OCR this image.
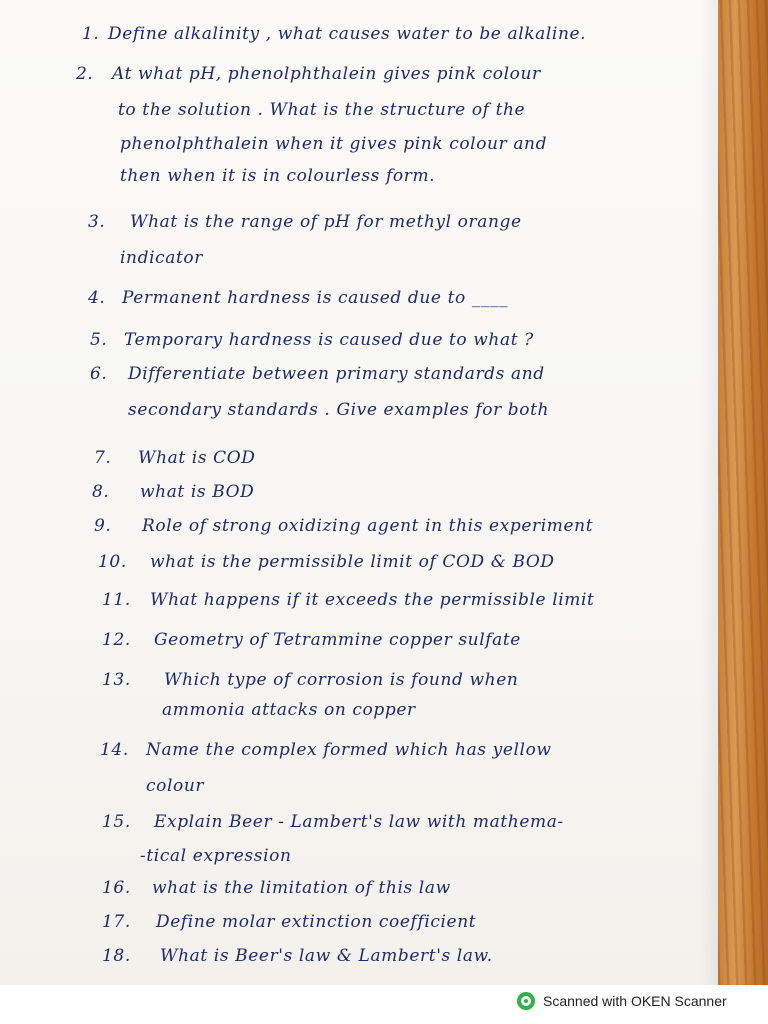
1. Define alkalinity , what causes water to be alkaline.
2. At what pH, phenolphthalein gives pink colour
to the solution . What is the structure of the
phenolphthalein when it gives pink colour and
then when it is in colourless form.
3. What is the range of pH for methyl orange
indicator
4. Permanent hardness is caused due to ____
5. Temporary hardness is caused due to what ?
6. Differentiate between primary standards and
secondary standards . Give examples for both
7. What is COD
8. what is BOD
9. Role of strong oxidizing agent in this experiment
10. what is the permissible limit of COD & BOD
11. What happens if it exceeds the permissible limit
12. Geometry of Tetrammine copper sulfate
13. Which type of corrosion is found when
ammonia attacks on copper
14. Name the complex formed which has yellow
colour
15. Explain Beer - Lambert's law with mathema-
-tical expression
16. what is the limitation of this law
17. Define molar extinction coefficient
18. What is Beer's law & Lambert's law.
Scanned with OKEN Scanner
